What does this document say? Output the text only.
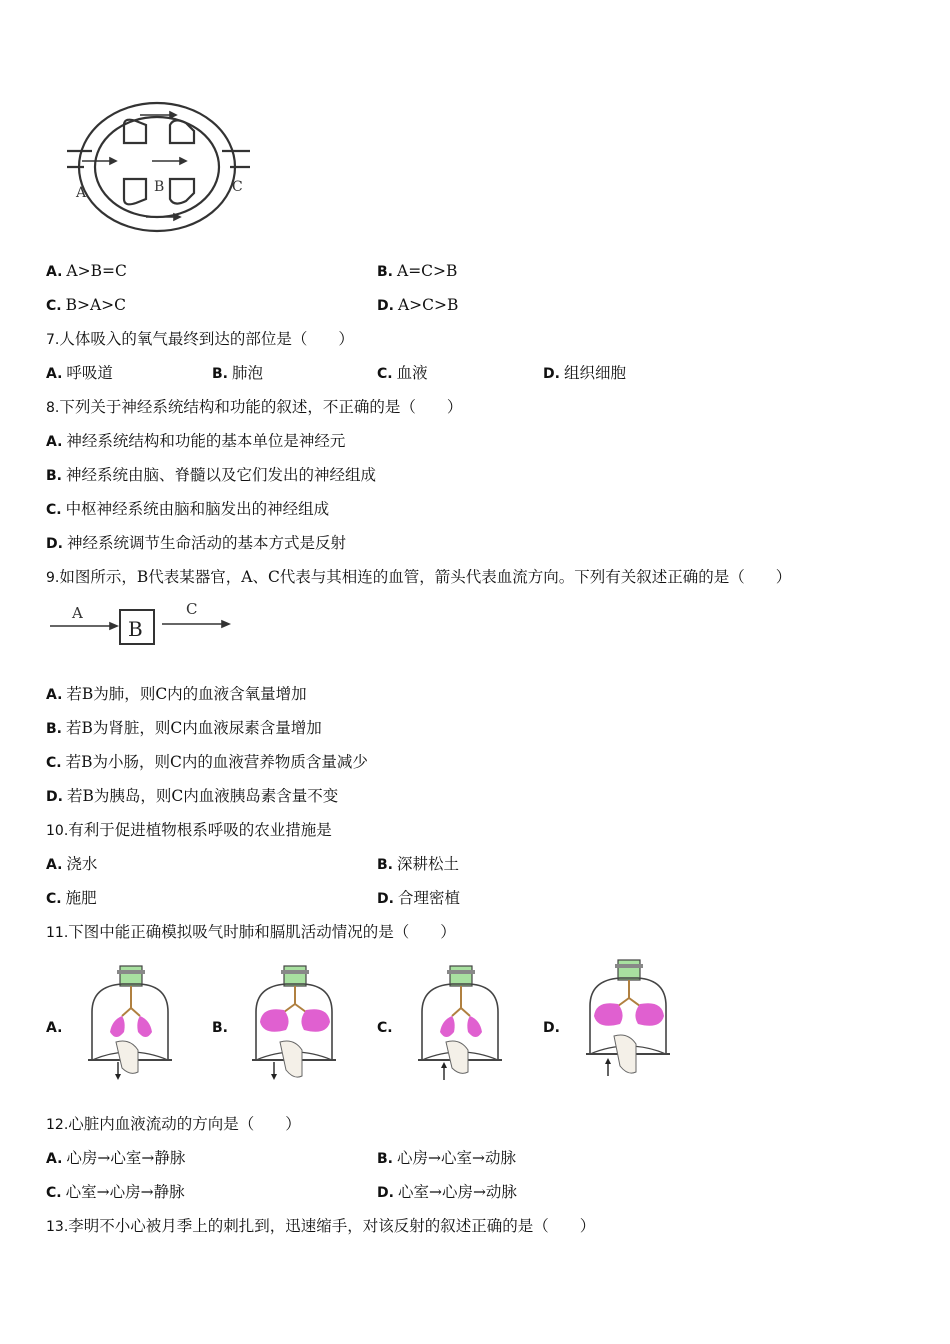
A	B	C
A. A>B=C	B. A=C>B
C. B>A>C	D. A>C>B
7.人体吸入的氧气最终到达的部位是（　　）
A. 呼吸道	B. 肺泡	C. 血液	D. 组织细胞
8.下列关于神经系统结构和功能的叙述，不正确的是（　　）
A. 神经系统结构和功能的基本单位是神经元
B. 神经系统由脑、脊髓以及它们发出的神经组成
C. 中枢神经系统由脑和脑发出的神经组成
D. 神经系统调节生命活动的基本方式是反射
9.如图所示，B代表某器官，A、C代表与其相连的血管，箭头代表血流方向。下列有关叙述正确的是（　　）
A
B
C
A. 若B为肺，则C内的血液含氧量增加
B. 若B为肾脏，则C内血液尿素含量增加
C. 若B为小肠，则C内的血液营养物质含量减少
D. 若B为胰岛，则C内血液胰岛素含量不变
10.有利于促进植物根系呼吸的农业措施是
A. 浇水	B. 深耕松土
C. 施肥	D. 合理密植
11.下图中能正确模拟吸气时肺和膈肌活动情况的是（　　）
A.	B.	C.	D.
12.心脏内血液流动的方向是（　　）
A. 心房→心室→静脉	B. 心房→心室→动脉
C. 心室→心房→静脉	D. 心室→心房→动脉
13.李明不小心被月季上的刺扎到，迅速缩手，对该反射的叙述正确的是（　　）
